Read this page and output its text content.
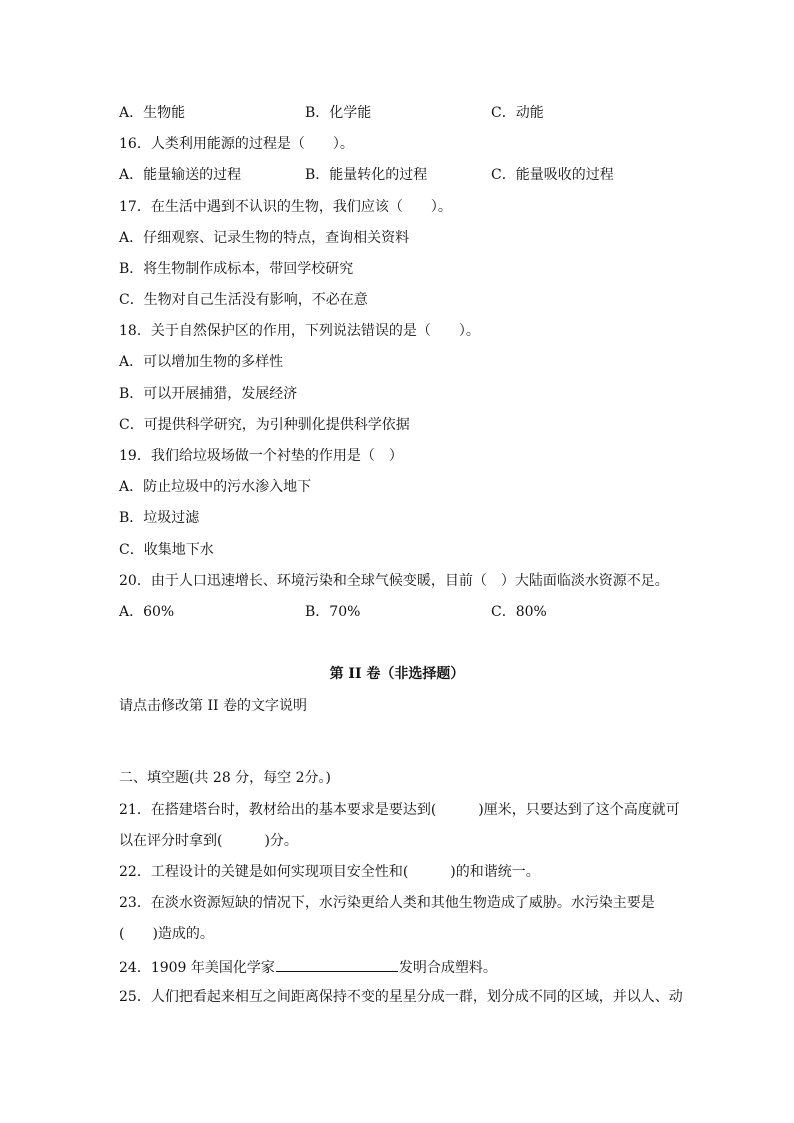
A．生物能	B．化学能	C．动能
16．人类利用能源的过程是（　　）。
A．能量输送的过程	B．能量转化的过程	C．能量吸收的过程
17．在生活中遇到不认识的生物，我们应该（　　）。
A．仔细观察、记录生物的特点，查询相关资料
B．将生物制作成标本，带回学校研究
C．生物对自己生活没有影响，不必在意
18．关于自然保护区的作用，下列说法错误的是（　　）。
A．可以增加生物的多样性
B．可以开展捕猎，发展经济
C．可提供科学研究，为引种驯化提供科学依据
19．我们给垃圾场做一个衬垫的作用是（　）
A．防止垃圾中的污水渗入地下
B．垃圾过滤
C．收集地下水
20．由于人口迅速增长、环境污染和全球气候变暖，目前（　）大陆面临淡水资源不足。
A．60%	B．70%	C．80%
第 II 卷（非选择题）
请点击修改第 II 卷的文字说明
二、填空题(共 28 分，每空 2分。)
21．在搭建塔台时，教材给出的基本要求是要达到(　　　)厘米，只要达到了这个高度就可
以在评分时拿到(　　　)分。
22．工程设计的关键是如何实现项目安全性和(　　　)的和谐统一。
23．在淡水资源短缺的情况下，水污染更给人类和其他生物造成了威胁。水污染主要是
(　　)造成的。
24．1909 年美国化学家	发明合成塑料。
25．人们把看起来相互之间距离保持不变的星星分成一群，划分成不同的区域，并以人、动
